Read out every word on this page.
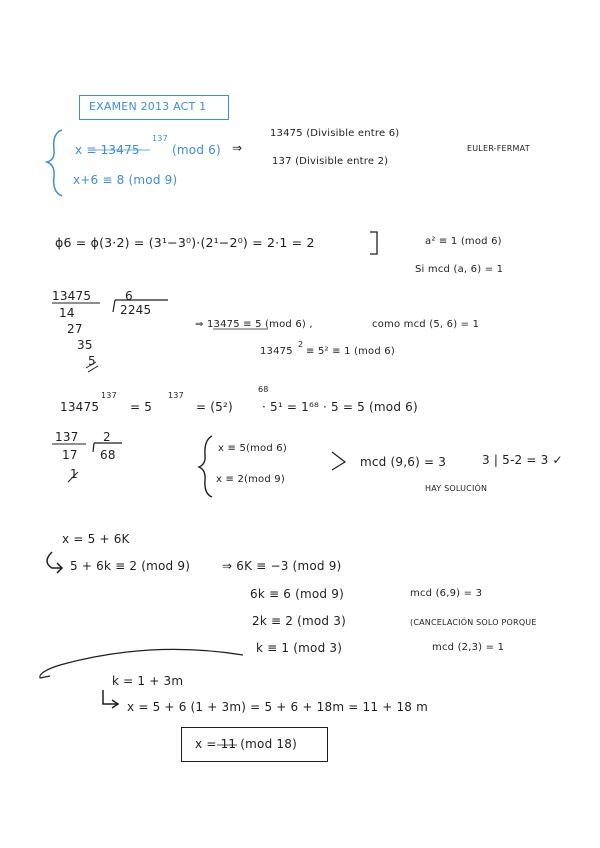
EXAMEN 2013 ACT 1
x ≡ 13475
137
(mod 6)
x+6 ≡ 8 (mod 9)
⇒
13475 (Divisible entre 6)
137 (Divisible entre 2)
EULER-FERMAT
ϕ6 = ϕ(3·2) = (3¹−3⁰)·(2¹−2⁰) = 2·1 = 2	a² ≡ 1 (mod 6)
Si mcd (a, 6) = 1
13475	6
2245
14
27
35
5
⇒ 13475 ≡ 5 (mod 6) ,	como mcd (5, 6) = 1
13475
2
≡ 5² ≡ 1 (mod 6)
13475
137
= 5
137
= (5²)
68
· 5¹ = 1⁶⁸ · 5 = 5 (mod 6)
137 2
17 68
1
x ≡ 5(mod 6)
x ≡ 2(mod 9)
mcd (9,6) = 3	3 | 5-2 = 3 ✓
HAY SOLUCIÓN
x = 5 + 6K
5 + 6k ≡ 2 (mod 9)	⇒ 6K ≡ −3 (mod 9)
6k ≡ 6 (mod 9)	mcd (6,9) = 3
2k ≡ 2 (mod 3)	(CANCELACIÓN SOLO PORQUE
k ≡ 1 (mod 3)	mcd (2,3) = 1
k = 1 + 3m
x = 5 + 6 (1 + 3m) = 5 + 6 + 18m = 11 + 18 m
x = 11 (mod 18)
